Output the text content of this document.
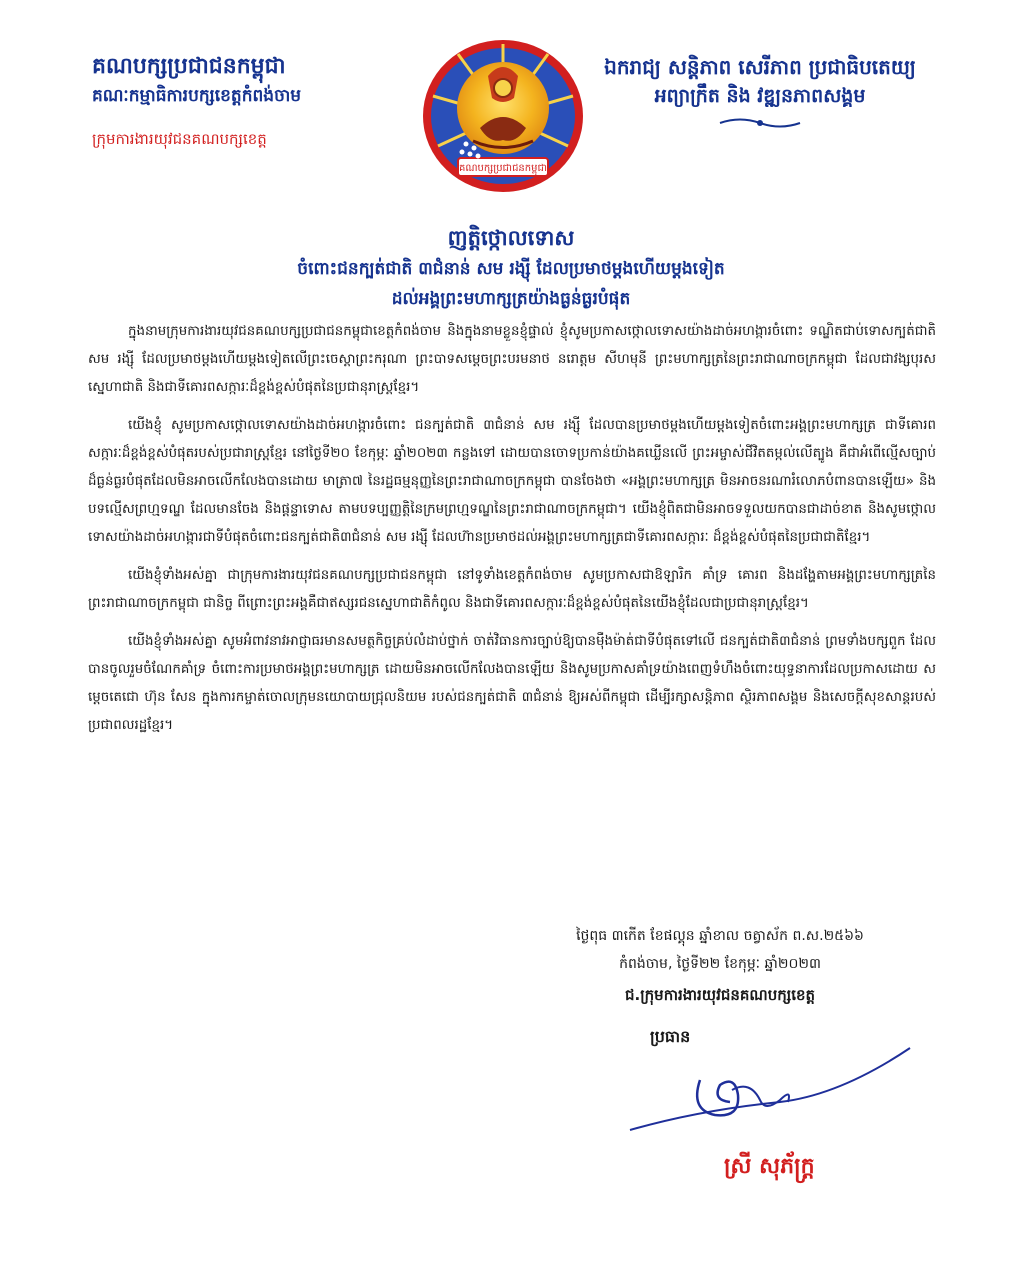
គណបក្សប្រជាជនកម្ពុជា
គណៈកម្មាធិការបក្សខេត្តកំពង់ចាម
ក្រុមការងារយុវជនគណបក្សខេត្ត
គណបក្សប្រជាជនកម្ពុជា
ឯករាជ្យ សន្តិភាព សេរីភាព ប្រជាធិបតេយ្យ
អព្យាក្រឹត និង វឌ្ឍនភាពសង្គម
ញត្តិថ្កោលទោស
ចំពោះជនក្បត់ជាតិ ៣ជំនាន់ សម រង្ស៊ី ដែលប្រមាថម្តងហើយម្តងទៀត
ដល់អង្គព្រះមហាក្សត្រយ៉ាងធ្ងន់ធ្ងរបំផុត

ក្នុងនាមក្រុមការងារយុវជនគណបក្សប្រជាជនកម្ពុជាខេត្តកំពង់ចាម និងក្នុងនាមខ្លួនខ្ញុំផ្ទាល់ ខ្ញុំសូមប្រកាសថ្កោលទោសយ៉ាងដាច់អហង្ការចំពោះ ទណ្ឌិតជាប់ទោសក្បត់ជាតិ សម រង្ស៊ី ដែលប្រមាថម្តងហើយម្តងទៀតលើព្រះចេស្តាព្រះករុណា ព្រះបាទសម្តេចព្រះបរមនាថ នរោត្តម សីហមុនី ព្រះមហាក្សត្រនៃព្រះរាជាណាចក្រកម្ពុជា ដែលជាវង្សបុរសស្នេហាជាតិ និងជាទីគោរពសក្ការៈដ៏ខ្ពង់ខ្ពស់បំផុតនៃប្រជានុរាស្ត្រខ្មែរ។

យើងខ្ញុំ សូមប្រកាសថ្កោលទោសយ៉ាងដាច់អហង្ការចំពោះ ជនក្បត់ជាតិ ៣ជំនាន់ សម រង្ស៊ី ដែលបានប្រមាថម្តងហើយម្តងទៀតចំពោះអង្គព្រះមហាក្សត្រ ជាទីគោរពសក្ការៈដ៏ខ្ពង់ខ្ពស់បំផុតរបស់ប្រជារាស្ត្រខ្មែរ នៅថ្ងៃទី២០ ខែកុម្ភៈ ឆ្នាំ២០២៣ កន្លងទៅ ដោយបានចោទប្រកាន់យ៉ាងគឃ្លើនលើ ព្រះអម្ចាស់ជីវិតតម្កល់លើត្បូង គឺជាអំពើល្មើសច្បាប់ដ៏ធ្ងន់ធ្ងរបំផុតដែលមិនអាចលើកលែងបានដោយ មាត្រា៧ នៃរដ្ឋធម្មនុញ្ញនៃព្រះរាជាណាចក្រកម្ពុជា បានចែងថា «អង្គព្រះមហាក្សត្រ មិនអាចនរណារំលោភបំពានបានឡើយ» និង បទល្មើសព្រហ្មទណ្ឌ ដែលមានចែង និងផ្តន្ទាទោស តាមបទប្បញ្ញត្តិនៃក្រមព្រហ្មទណ្ឌនៃព្រះរាជាណាចក្រកម្ពុជា។ យើងខ្ញុំពិតជាមិនអាចទទួលយកបានជាដាច់ខាត និងសូមថ្កោលទោសយ៉ាងដាច់អហង្ការជាទីបំផុតចំពោះជនក្បត់ជាតិ៣ជំនាន់ សម រង្ស៊ី ដែលហ៊ានប្រមាថដល់អង្គព្រះមហាក្សត្រជាទីគោរពសក្ការៈ ដ៏ខ្ពង់ខ្ពស់បំផុតនៃប្រជាជាតិខ្មែរ។

យើងខ្ញុំទាំងអស់គ្នា ជាក្រុមការងារយុវជនគណបក្សប្រជាជនកម្ពុជា នៅទូទាំងខេត្តកំពង់ចាម សូមប្រកាសជាឱឡារិក គាំទ្រ គោរព និងដង្ហែតាមអង្គព្រះមហាក្សត្រនៃព្រះរាជាណាចក្រកម្ពុជា ជានិច្ច ពីព្រោះព្រះអង្គគឺជាឥស្សរជនស្នេហាជាតិកំពូល និងជាទីគោរពសក្ការៈដ៏ខ្ពង់ខ្ពស់បំផុតនៃយើងខ្ញុំដែលជាប្រជានុរាស្ត្រខ្មែរ។

យើងខ្ញុំទាំងអស់គ្នា សូមអំពាវនាវអាជ្ញាធរមានសមត្ថកិច្ចគ្រប់លំដាប់ថ្នាក់ ចាត់វិធានការច្បាប់ឱ្យបានម៉ឺងម៉ាត់ជាទីបំផុតទៅលើ ជនក្បត់ជាតិ៣ជំនាន់ ព្រមទាំងបក្សពួក ដែលបានចូលរួមចំណែកគាំទ្រ ចំពោះការប្រមាថអង្គព្រះមហាក្សត្រ ដោយមិនអាចលើកលែងបានឡើយ និងសូមប្រកាសគាំទ្រយ៉ាងពេញទំហឹងចំពោះយុទ្ធនាការដែលប្រកាសដោយ សម្តេចតេជោ ហ៊ុន សែន ក្នុងការកម្ចាត់ចោលក្រុមនយោបាយជ្រុលនិយម របស់ជនក្បត់ជាតិ ៣ជំនាន់ ឱ្យអស់ពីកម្ពុជា ដើម្បីរក្សាសន្តិភាព ស្ថិរភាពសង្គម និងសេចក្តីសុខសាន្តរបស់ប្រជាពលរដ្ឋខ្មែរ។

ថ្ងៃពុធ ៣កើត ខែផល្គុន ឆ្នាំខាល ចត្វាស័ក ព.ស.២៥៦៦
កំពង់ចាម, ថ្ងៃទី២២ ខែកុម្ភៈ ឆ្នាំ២០២៣
ជ.ក្រុមការងារយុវជនគណបក្សខេត្ត
ប្រធាន
ស្រី សុភ័ក្ត្រ
